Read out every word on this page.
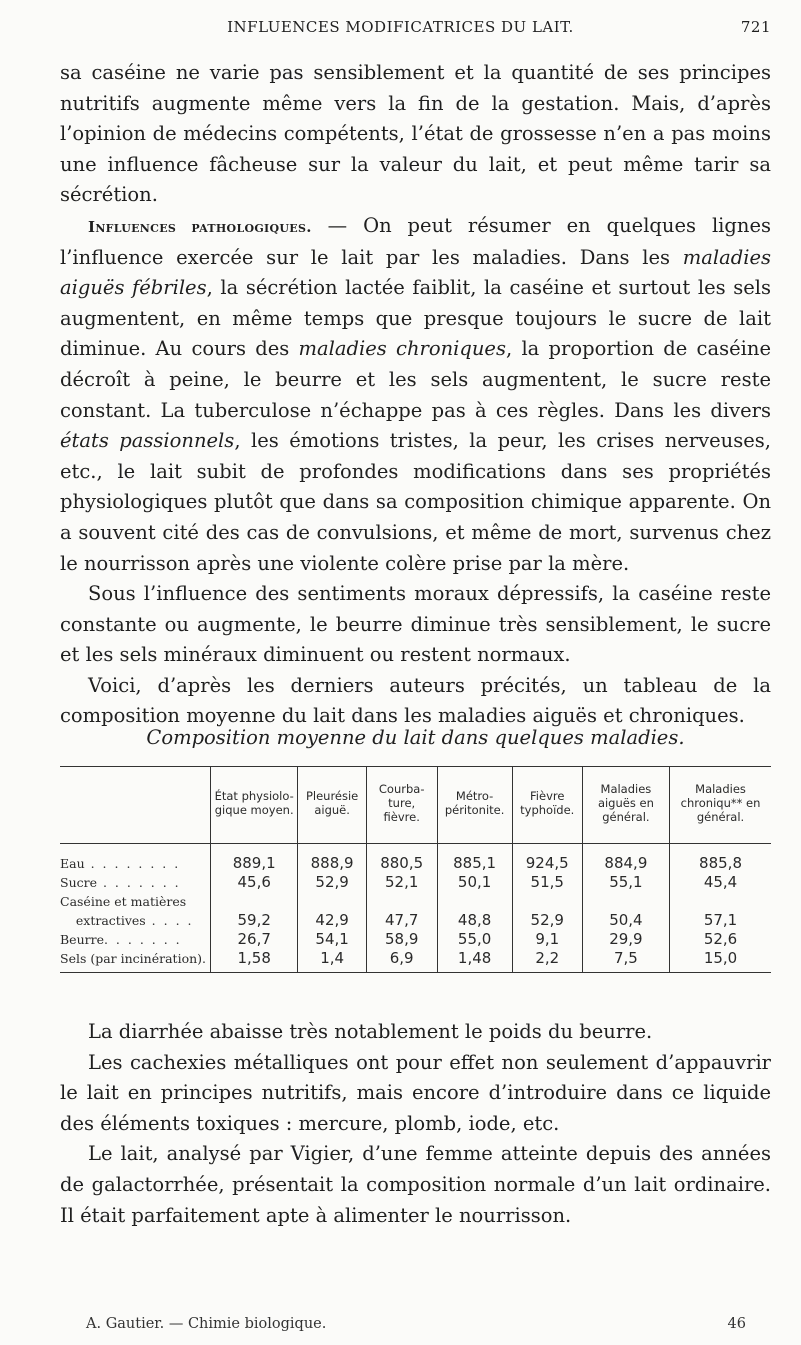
INFLUENCES MODIFICATRICES DU LAIT.	721

sa caséine ne varie pas sensiblement et la quantité de ses principes nutritifs augmente même vers la fin de la gestation. Mais, d’après l’opinion de médecins compétents, l’état de grossesse n’en a pas moins une influence fâcheuse sur la valeur du lait, et peut même tarir sa sécrétion.

Influences pathologiques. — On peut résumer en quelques lignes l’influence exercée sur le lait par les maladies. Dans les maladies aiguës fébriles, la sécrétion lactée faiblit, la caséine et surtout les sels augmentent, en même temps que presque toujours le sucre de lait diminue. Au cours des maladies chroniques, la proportion de caséine décroît à peine, le beurre et les sels augmentent, le sucre reste constant. La tuberculose n’échappe pas à ces règles. Dans les divers états passionnels, les émotions tristes, la peur, les crises nerveuses, etc., le lait subit de profondes modifications dans ses propriétés physiologiques plutôt que dans sa composition chimique apparente. On a souvent cité des cas de convulsions, et même de mort, survenus chez le nourrisson après une violente colère prise par la mère.

Sous l’influence des sentiments moraux dépressifs, la caséine reste constante ou augmente, le beurre diminue très sensiblement, le sucre et les sels minéraux diminuent ou restent normaux.

Voici, d’après les derniers auteurs précités, un tableau de la composition moyenne du lait dans les maladies aiguës et chroniques.

Composition moyenne du lait dans quelques maladies.
	État physiolo-gique moyen.	Pleurésie aiguë.	Courba-ture, fièvre.	Métro-péritonite.	Fièvre typhoïde.	Maladies aiguës en général.	Maladies chroniqu** en général.
Eau . . . . . . . .	889,1	888,9	880,5	885,1	924,5	884,9	885,8
Sucre . . . . . . .	45,6	52,9	52,1	50,1	51,5	55,1	45,4
Caséine et matières							
extractives . . . .	59,2	42,9	47,7	48,8	52,9	50,4	57,1
Beurre. . . . . . .	26,7	54,1	58,9	55,0	9,1	29,9	52,6
Sels (par incinération).	1,58	1,4	6,9	1,48	2,2	7,5	15,0

La diarrhée abaisse très notablement le poids du beurre.

Les cachexies métalliques ont pour effet non seulement d’appauvrir le lait en principes nutritifs, mais encore d’introduire dans ce liquide des éléments toxiques : mercure, plomb, iode, etc.

Le lait, analysé par Vigier, d’une femme atteinte depuis des années de galactorrhée, présentait la composition normale d’un lait ordinaire. Il était parfaitement apte à alimenter le nourrisson.

A. Gautier. — Chimie biologique.	46
